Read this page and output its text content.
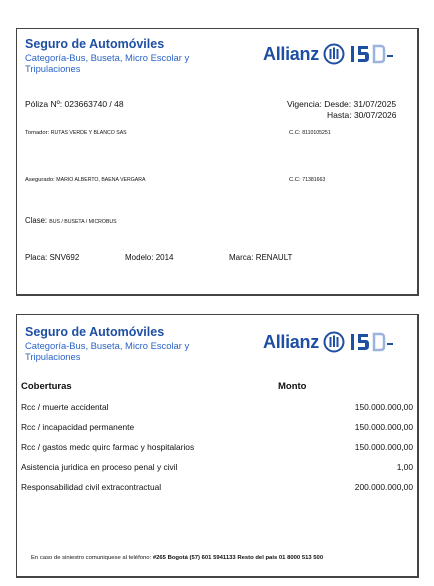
Seguro de Automóviles
Categoría-Bus, Buseta, Micro Escolar y Tripulaciones
Allianz
Póliza Nº: 023663740 / 48	Vigencia: Desde: 31/07/2025
Hasta: 30/07/2026
Tomador: RUTAS VERDE Y BLANCO SAS	C.C: 8110105251
Asegurado: MARIO ALBERTO, BAENA VERGARA	C.C: 71381663
Clase: BUS / BUSETA / MICROBUS
Placa: SNV692	Modelo: 2014	Marca: RENAULT
Seguro de Automóviles
Categoría-Bus, Buseta, Micro Escolar y Tripulaciones
Allianz
Coberturas	Monto
Rcc / muerte accidental	150.000.000,00
Rcc / incapacidad permanente	150.000.000,00
Rcc / gastos medc quirc farmac y hospitalarios	150.000.000,00
Asistencia juridica en proceso penal y civil	1,00
Responsabilidad civil extracontractual	200.000.000,00
En caso de siniestro comuniquese al teléfono: #265 Bogotá (57) 601 5941133 Resto del pais 01 8000 513 500
